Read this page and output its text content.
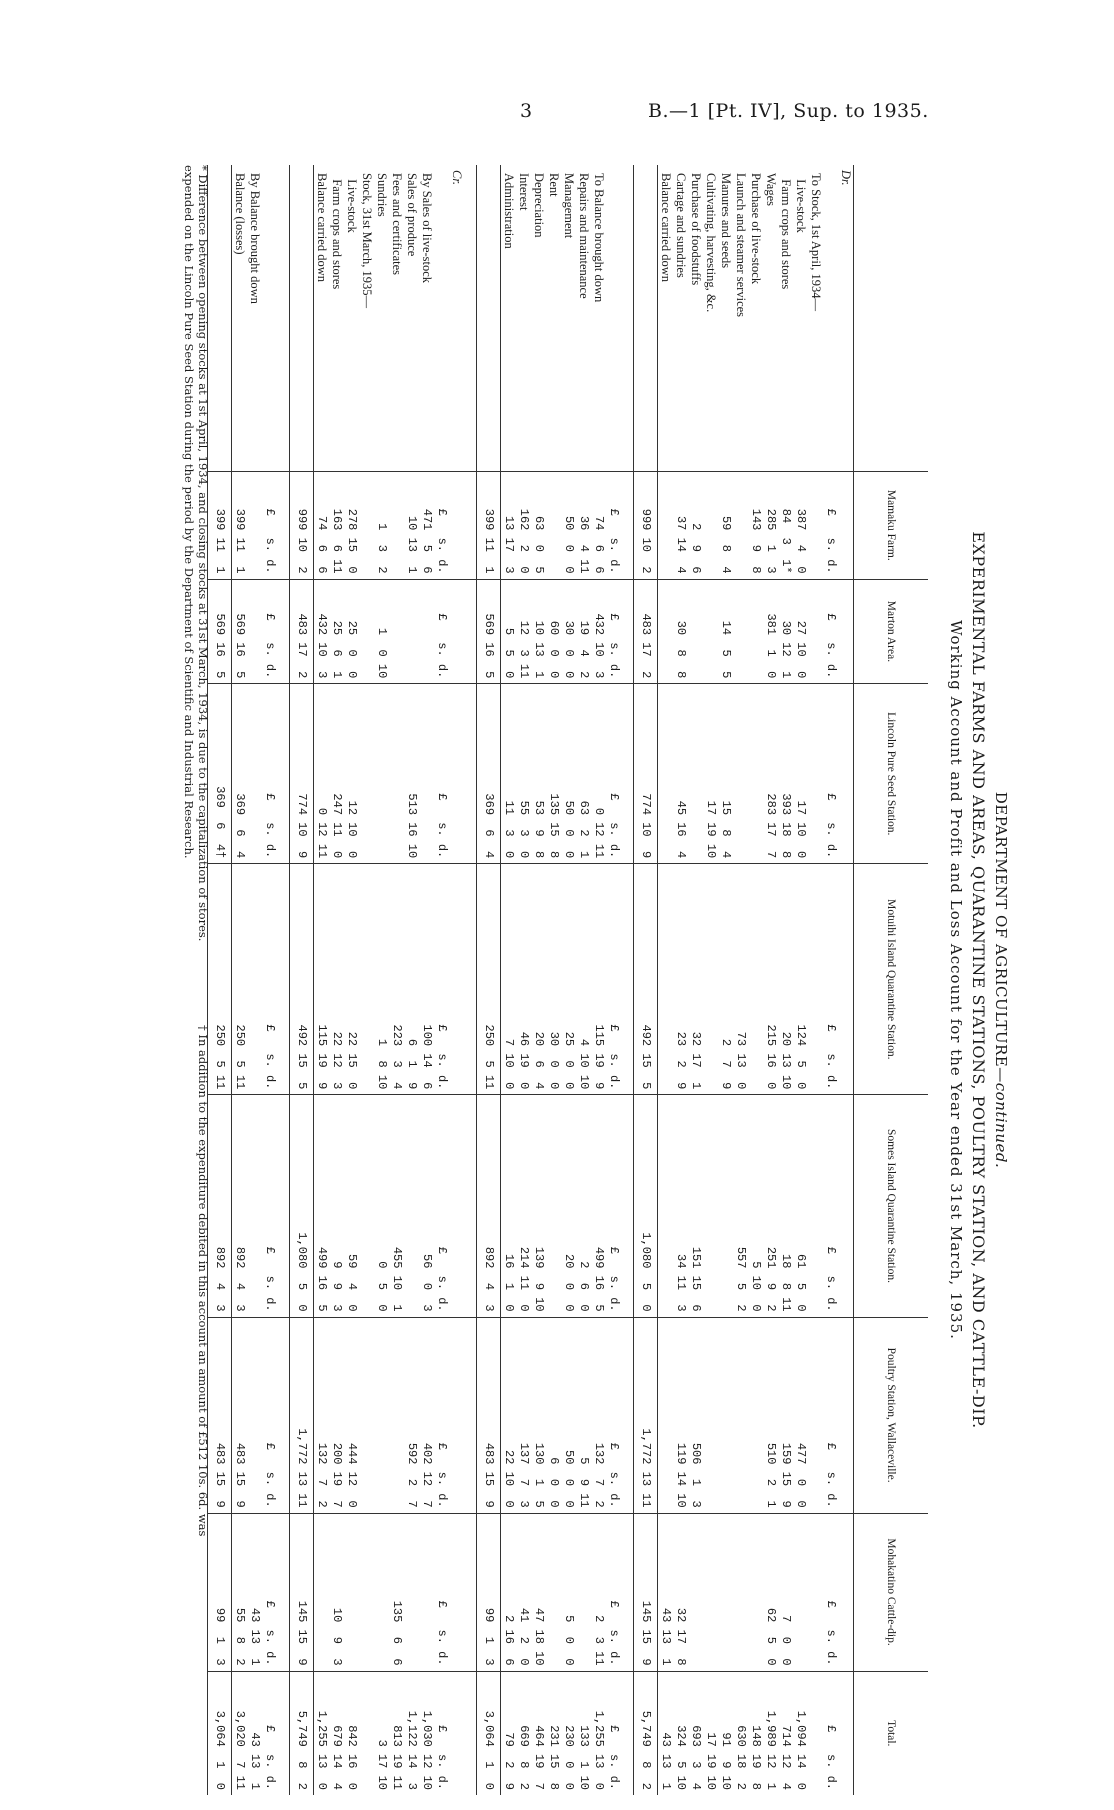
3	B.—1 [Pt. IV], Sup. to 1935.
DEPARTMENT OF AGRICULTURE—continued.
EXPERIMENTAL FARMS AND AREAS, QUARANTINE STATIONS, POULTRY STATION, AND CATTLE-DIP.
Working Account and Profit and Loss Account for the Year ended 31st March, 1935.
	Mamaku Farm.	Marton Area.	Lincoln Pure Seed Station.	Motuihi Island Quarantine Station.	Somes Island Quarantine Station.	Poultry Station, Wallaceville.	Mohakatino Cattle-dip.	Total.
Dr.								
	£   s. d.	£   s. d.	£   s. d.	£   s. d.	£   s. d.	£   s. d.	£   s. d.	£   s. d.
To Stock, 1st April, 1934—								
Live-stock	387  4  0	27 10  0	17 10  0	124  5  0	61  5  0	477  0  0		1,094 14  0
Farm crops and stores	84  3  1*	30 12  1	393 18  8	20 13 10	18  8 11	159 15  9	7  0  0	714 12  4
Wages	285  1  3	381  1  0	283 17  7	215 16  0	251  9  2	510  2  1	62  5  0	1,989 12  1
Purchase of live-stock	143  9  8				5 10  0			148 19  8
Launch and steamer services				73 13  0	557  5  2			630 18  2
Manures and seeds	59  8  4	14  5  5	15  8  4	2  7  9				91  9 10
Cultivating, harvesting, &c.			17 19 10					17 19 10
Purchase of foodstuffs	2  9  6			32 17  1	151 15  6	506  1  3		693  3  4
Cartage and sundries	37 14  4	30  8  8	45 16  4	23  2  9	34 11  3	119 14 10	32 17  8	324  5 10
Balance carried down							43 13  1	43 13  1
	999 10  2	483 17  2	774 10  9	492 15  5	1,080  5  0	1,772 13 11	145 15  9	5,749  8  2

	£   s. d.	£   s. d.	£   s. d.	£   s. d.	£   s. d.	£   s. d.	£   s. d.	£   s. d.
To Balance brought down	74  6  6	432 10  3	0 12 11	115 19  9	499 16  5	132  7  2	2  3 11	1,255 13  0
Repairs and maintenance	36  4 11	19  4  2	63  2  1	4 10 10	2  6  0	5  9 11		133  1 10
Management	50  0  0	30  0  0	50  0  0	25  0  0	20  0  0	50  0  0	5  0  0	230  0  0
Rent		60  0  0	135 15  8	30  0  0		6  0  0		231 15  8
Depreciation	63  0  5	10 13  1	53  9  8	20  6  4	139  9 10	130  1  5	47 18 10	464 19  7
Interest	162  2  0	12  3 11	55  3  0	46 19  0	214 11  0	137  7  3	41  2  0	669  8  2
Administration	13 17  3	5  5  0	11  3  0	7 10  0	16  1  0	22 10  0	2 16  6	79  2  9
	399 11  1	569 16  5	369  6  4	250  5 11	892  4  3	483 15  9	99  1  3	3,064  1  0

Cr.								
	£   s. d.	£   s. d.	£   s. d.	£   s. d.	£   s. d.	£   s. d.	£   s. d.	£   s. d.
By Sales of live-stock	471  5  6			100 14  6	56  0  3	402 12  7		1,030 12 10
Sales of produce	10 13  1		513 16 10	6  1  9		592  2  7		1,122 14  3
Fees and certificates				223  3  4	455 10  1		135  6  6	813 19 11
Sundries	1  3  2	1  0 10		1  8 10	0  5  0			3 17 10
Stock, 31st March, 1935—								
Live-stock	278 15  0	25  0  0	12 10  0	22 15  0	59  4  0	444 12  0		842 16  0
Farm crops and stores	163  6 11	25  6  1	247 11  0	22 12  3	9  9  3	200 19  7	10  9  3	679 14  4
Balance carried down	74  6  6	432 10  3	0 12 11	115 19  9	499 16  5	132  7  2		1,255 13  0
	999 10  2	483 17  2	774 10  9	492 15  5	1,080  5  0	1,772 13 11	145 15  9	5,749  8  2

	£   s. d.	£   s. d.	£   s. d.	£   s. d.	£   s. d.	£   s. d.	£   s. d.	£   s. d.
By Balance brought down							43 13  1	43 13  1
Balance (losses)	399 11  1	569 16  5	369  6  4	250  5 11	892  4  3	483 15  9	55  8  2	3,020  7 11
	399 11  1	569 16  5	369  6  4†	250  5 11	892  4  3	483 15  9	99  1  3	3,064  1  0
* Difference between opening stocks at 1st April, 1934, and closing stocks at 31st March, 1934, is due to the capitalization of stores.
expended on the Lincoln Pure Seed Station during the period by the Department of Scientific and Industrial Research.
† In addition to the expenditure debited in this account an amount of £512 10s. 6d. was
